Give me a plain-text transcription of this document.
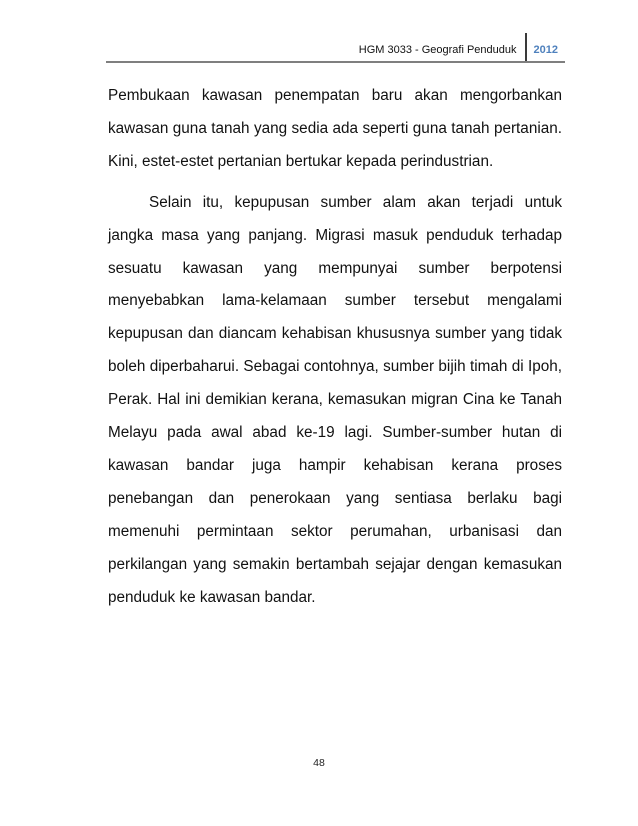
HGM 3033 - Geografi Penduduk	2012

Pembukaan kawasan penempatan baru akan mengorbankan kawasan guna tanah yang sedia ada seperti guna tanah pertanian. Kini, estet-estet pertanian bertukar kepada perindustrian.

Selain itu, kepupusan sumber alam akan terjadi untuk jangka masa yang panjang. Migrasi masuk penduduk terhadap sesuatu kawasan yang mempunyai sumber berpotensi menyebabkan lama-kelamaan sumber tersebut mengalami kepupusan dan diancam kehabisan khususnya sumber yang tidak boleh diperbaharui. Sebagai contohnya, sumber bijih timah di Ipoh, Perak. Hal ini demikian kerana, kemasukan migran Cina ke Tanah Melayu pada awal abad ke-19 lagi. Sumber-sumber hutan di kawasan bandar juga hampir kehabisan kerana proses penebangan dan penerokaan yang sentiasa berlaku bagi memenuhi permintaan sektor perumahan, urbanisasi dan perkilangan yang semakin bertambah sejajar dengan kemasukan penduduk ke kawasan bandar.

48
